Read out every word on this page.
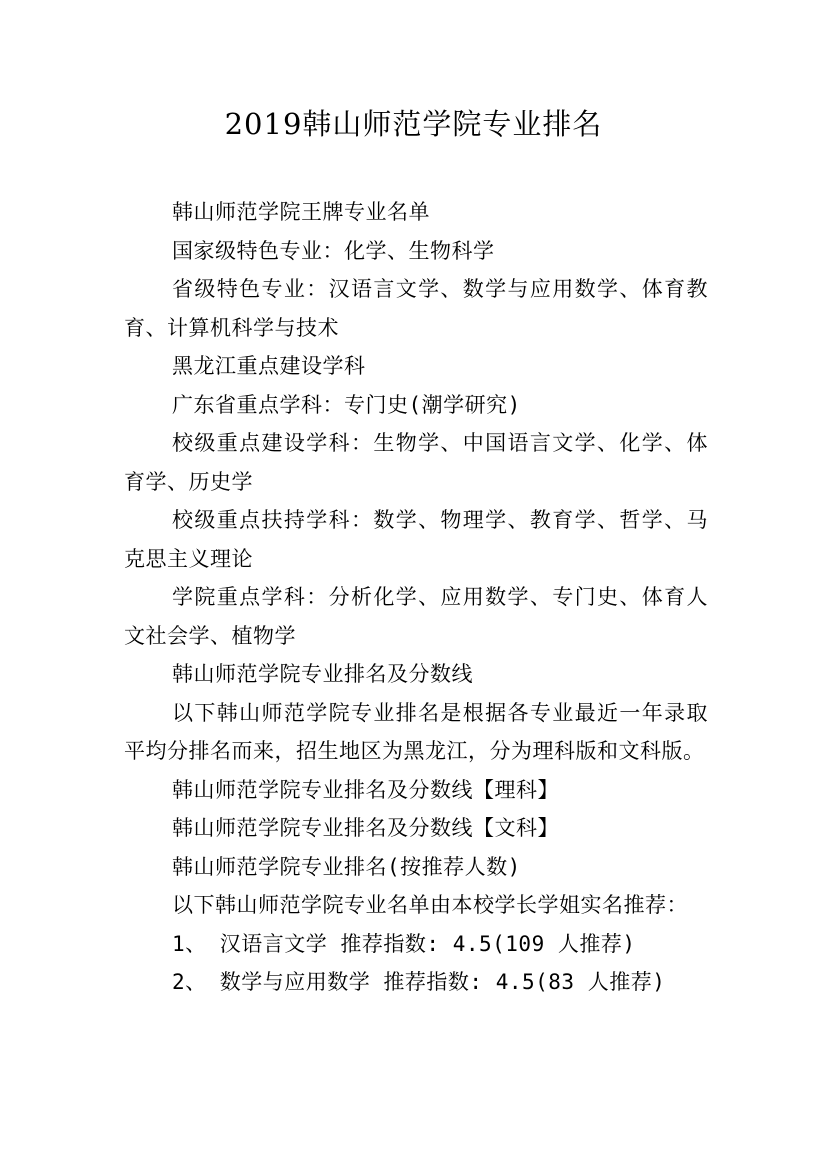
2019韩山师范学院专业排名

韩山师范学院王牌专业名单

国家级特色专业：化学、生物科学

省级特色专业：汉语言文学、数学与应用数学、体育教育、计算机科学与技术

黑龙江重点建设学科

广东省重点学科：专门史(潮学研究)

校级重点建设学科：生物学、中国语言文学、化学、体育学、历史学

校级重点扶持学科：数学、物理学、教育学、哲学、马克思主义理论

学院重点学科：分析化学、应用数学、专门史、体育人文社会学、植物学

韩山师范学院专业排名及分数线

以下韩山师范学院专业排名是根据各专业最近一年录取平均分排名而来，招生地区为黑龙江，分为理科版和文科版。

韩山师范学院专业排名及分数线【理科】

韩山师范学院专业排名及分数线【文科】

韩山师范学院专业排名(按推荐人数)

以下韩山师范学院专业名单由本校学长学姐实名推荐：

1、 汉语言文学 推荐指数: 4.5(109 人推荐)

2、 数学与应用数学 推荐指数: 4.5(83 人推荐)
